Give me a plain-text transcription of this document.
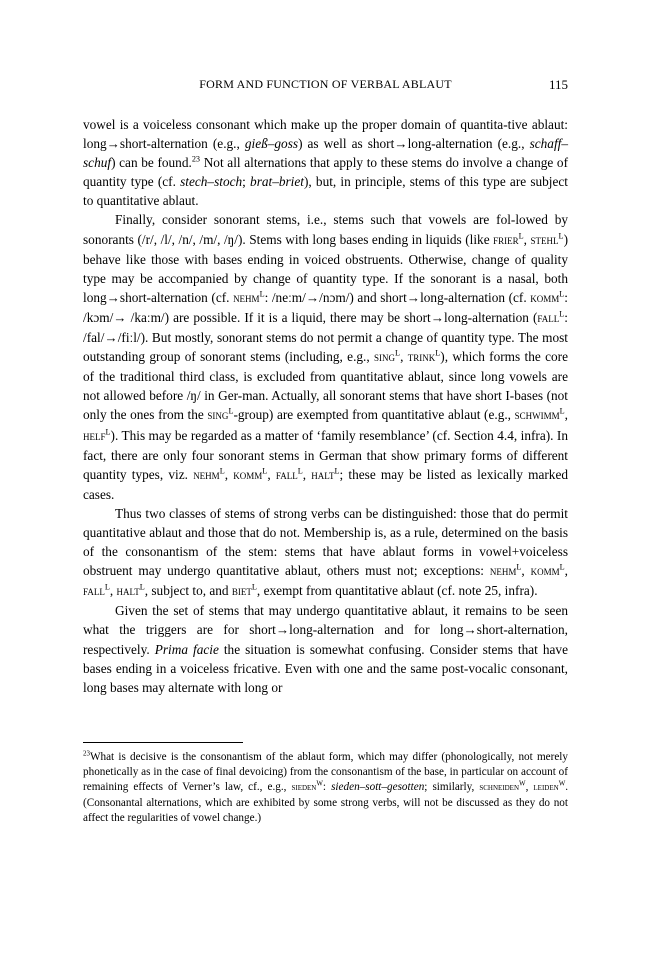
FORM AND FUNCTION OF VERBAL ABLAUT	115

vowel is a voiceless consonant which make up the proper domain of quantita-tive ablaut: long→short-alternation (e.g., gieß–goss) as well as short→long-alternation (e.g., schaff–schuf) can be found.$^{23}$ Not all alternations that apply to these stems do involve a change of quantity type (cf. stech–stoch; brat–briet), but, in principle, stems of this type are subject to quantitative ablaut.

Finally, consider sonorant stems, i.e., stems such that vowels are fol-lowed by sonorants (/r/, /l/, /n/, /m/, /ŋ/). Stems with long bases ending in liquids (like frier$^L$, stehl$^L$) behave like those with bases ending in voiced obstruents. Otherwise, change of quality type may be accompanied by change of quantity type. If the sonorant is a nasal, both long→short-alternation (cf. nehm$^L$: /neːm/→/nɔm/) and short→long-alternation (cf. komm$^L$: /kɔm/→ /kaːm/) are possible. If it is a liquid, there may be short→long-alternation (fall$^L$: /fal/→/fiːl/). But mostly, sonorant stems do not permit a change of quantity type. The most outstanding group of sonorant stems (including, e.g., sing$^L$, trink$^L$), which forms the core of the traditional third class, is excluded from quantitative ablaut, since long vowels are not allowed before /ŋ/ in Ger-man. Actually, all sonorant stems that have short I-bases (not only the ones from the sing$^L$-group) are exempted from quantitative ablaut (e.g., schwimm$^L$, helf$^L$). This may be regarded as a matter of ‘family resemblance’ (cf. Section 4.4, infra). In fact, there are only four sonorant stems in German that show primary forms of different quantity types, viz. nehm$^L$, komm$^L$, fall$^L$, halt$^L$; these may be listed as lexically marked cases.

Thus two classes of stems of strong verbs can be distinguished: those that do permit quantitative ablaut and those that do not. Membership is, as a rule, determined on the basis of the consonantism of the stem: stems that have ablaut forms in vowel+voiceless obstruent may undergo quantitative ablaut, others must not; exceptions: nehm$^L$, komm$^L$, fall$^L$, halt$^L$, subject to, and biet$^L$, exempt from quantitative ablaut (cf. note 25, infra).

Given the set of stems that may undergo quantitative ablaut, it remains to be seen what the triggers are for short→long-alternation and for long→short-alternation, respectively. Prima facie the situation is somewhat confusing. Consider stems that have bases ending in a voiceless fricative. Even with one and the same post-vocalic consonant, long bases may alternate with long or

$^{23}$What is decisive is the consonantism of the ablaut form, which may differ (phonologically, not merely phonetically as in the case of final devoicing) from the consonantism of the base, in particular on account of remaining effects of Verner’s law, cf., e.g., sieden$^W$: sieden–sott–gesotten; similarly, schneiden$^W$, leiden$^W$. (Consonantal alternations, which are exhibited by some strong verbs, will not be discussed as they do not affect the regularities of vowel change.)
